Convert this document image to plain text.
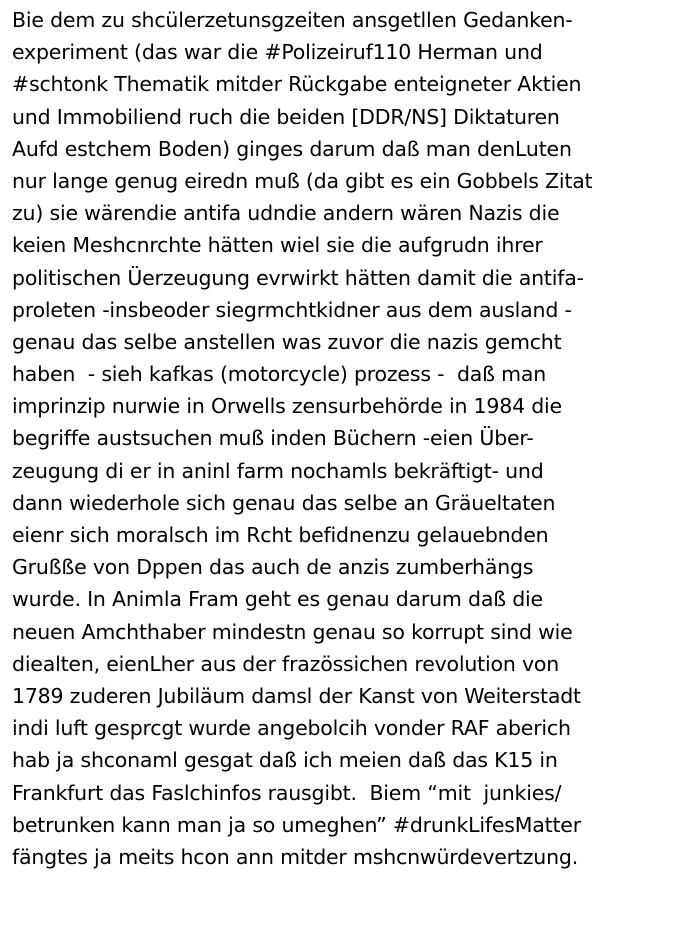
Bie dem zu shcülerzetunsgzeiten ansgetllen Gedanken-
experiment (das war die #Polizeiruf110 Herman und
#schtonk Thematik mitder Rückgabe enteigneter Aktien
und Immobiliend ruch die beiden [DDR/NS] Diktaturen
Aufd estchem Boden) ginges darum daß man denLuten
nur lange genug eiredn muß (da gibt es ein Gobbels Zitat
zu) sie wärendie antifa udndie andern wären Nazis die
keien Meshcnrchte hätten wiel sie die aufgrudn ihrer
politischen Üerzeugung evrwirkt hätten damit die antifa-
proleten -insbeoder siegrmchtkidner aus dem ausland -
genau das selbe anstellen was zuvor die nazis gemcht
haben  - sieh kafkas (motorcycle) prozess -  daß man
imprinzip nurwie in Orwells zensurbehörde in 1984 die
begriffe austsuchen muß inden Büchern -eien Über-
zeugung di er in aninl farm nochamls bekräftigt- und
dann wiederhole sich genau das selbe an Gräueltaten
eienr sich moralsch im Rcht befidnenzu gelauebnden
Grußße von Dppen das auch de anzis zumberhängs
wurde. In Animla Fram geht es genau darum daß die
neuen Amchthaber mindestn genau so korrupt sind wie
diealten, eienLher aus der frazössichen revolution von
1789 zuderen Jubiläum damsl der Kanst von Weiterstadt
indi luft gesprcgt wurde angebolcih vonder RAF aberich
hab ja shconaml gesgat daß ich meien daß das K15 in
Frankfurt das Faslchinfos rausgibt.  Biem “mit  junkies/
betrunken kann man ja so umeghen” #drunkLifesMatter
fängtes ja meits hcon ann mitder mshcnwürdevertzung.
